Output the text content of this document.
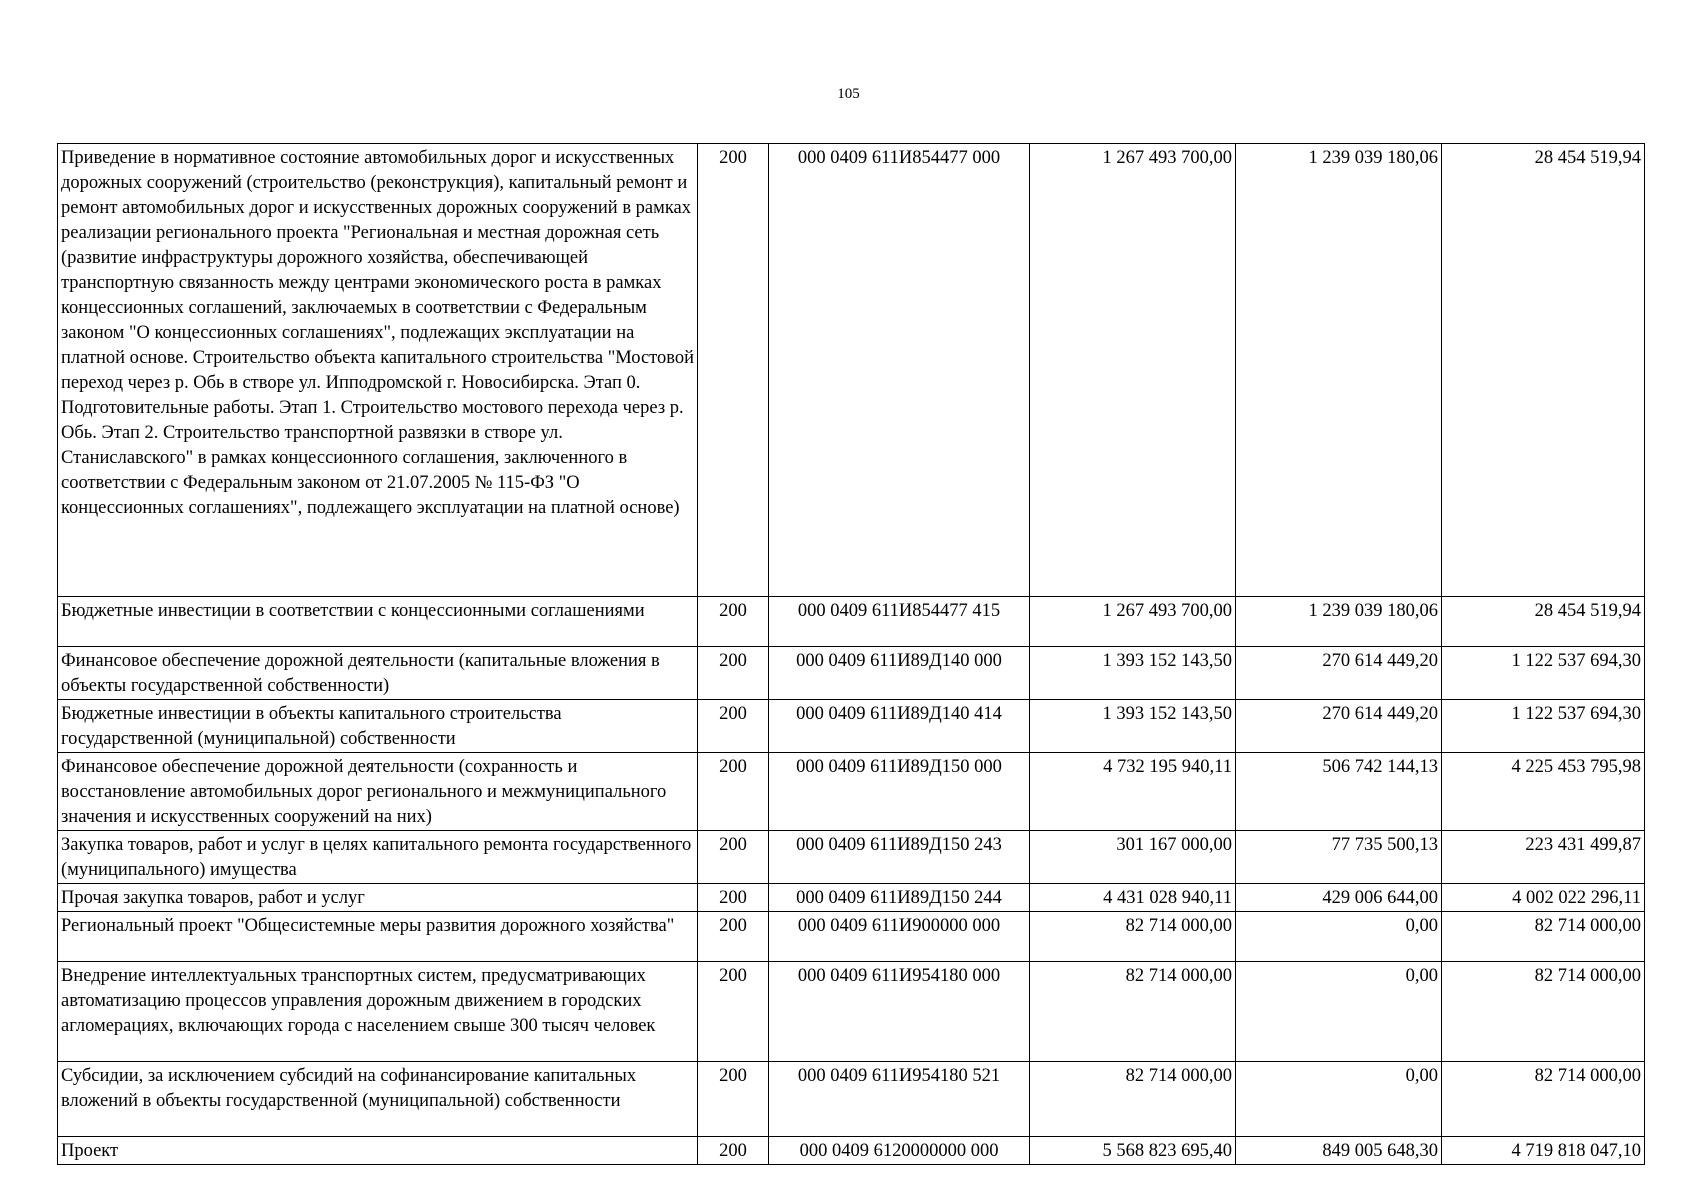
105
Приведение в нормативное состояние автомобильных дорог и искусственных дорожных сооружений (строительство (реконструкция), капитальный ремонт и ремонт автомобильных дорог и искусственных дорожных сооружений в рамках реализации регионального проекта "Региональная и местная дорожная сеть (развитие инфраструктуры дорожного хозяйства, обеспечивающей транспортную связанность между центрами экономического роста в рамках концессионных соглашений, заключаемых в соответствии с Федеральным законом "О концессионных соглашениях", подлежащих эксплуатации на платной основе. Строительство объекта капитального строительства "Мостовой переход через р. Обь в створе ул. Ипподромской г. Новосибирска. Этап 0. Подготовительные работы. Этап 1. Строительство мостового перехода через р. Обь. Этап 2. Строительство транспортной развязки в створе ул. Станиславского" в рамках концессионного соглашения, заключенного в соответствии с Федеральным законом от 21.07.2005 № 115-ФЗ "О концессионных соглашениях", подлежащего эксплуатации на платной основе)	200	000 0409 611И854477 000	1 267 493 700,00	1 239 039 180,06	28 454 519,94
Бюджетные инвестиции в соответствии с концессионными соглашениями	200	000 0409 611И854477 415	1 267 493 700,00	1 239 039 180,06	28 454 519,94
Финансовое обеспечение дорожной деятельности (капитальные вложения в объекты государственной собственности)	200	000 0409 611И89Д140 000	1 393 152 143,50	270 614 449,20	1 122 537 694,30
Бюджетные инвестиции в объекты капитального строительства государственной (муниципальной) собственности	200	000 0409 611И89Д140 414	1 393 152 143,50	270 614 449,20	1 122 537 694,30
Финансовое обеспечение дорожной деятельности (сохранность и восстановление автомобильных дорог регионального и межмуниципального значения и искусственных сооружений на них)	200	000 0409 611И89Д150 000	4 732 195 940,11	506 742 144,13	4 225 453 795,98
Закупка товаров, работ и услуг в целях капитального ремонта государственного (муниципального) имущества	200	000 0409 611И89Д150 243	301 167 000,00	77 735 500,13	223 431 499,87
Прочая закупка товаров, работ и услуг	200	000 0409 611И89Д150 244	4 431 028 940,11	429 006 644,00	4 002 022 296,11
Региональный проект "Общесистемные меры развития дорожного хозяйства"	200	000 0409 611И900000 000	82 714 000,00	0,00	82 714 000,00
Внедрение интеллектуальных транспортных систем, предусматривающих автоматизацию процессов управления дорожным движением в городских агломерациях, включающих города с населением свыше 300 тысяч человек	200	000 0409 611И954180 000	82 714 000,00	0,00	82 714 000,00
Субсидии, за исключением субсидий на софинансирование капитальных вложений в объекты государственной (муниципальной) собственности	200	000 0409 611И954180 521	82 714 000,00	0,00	82 714 000,00
Проект	200	000 0409 6120000000 000	5 568 823 695,40	849 005 648,30	4 719 818 047,10
